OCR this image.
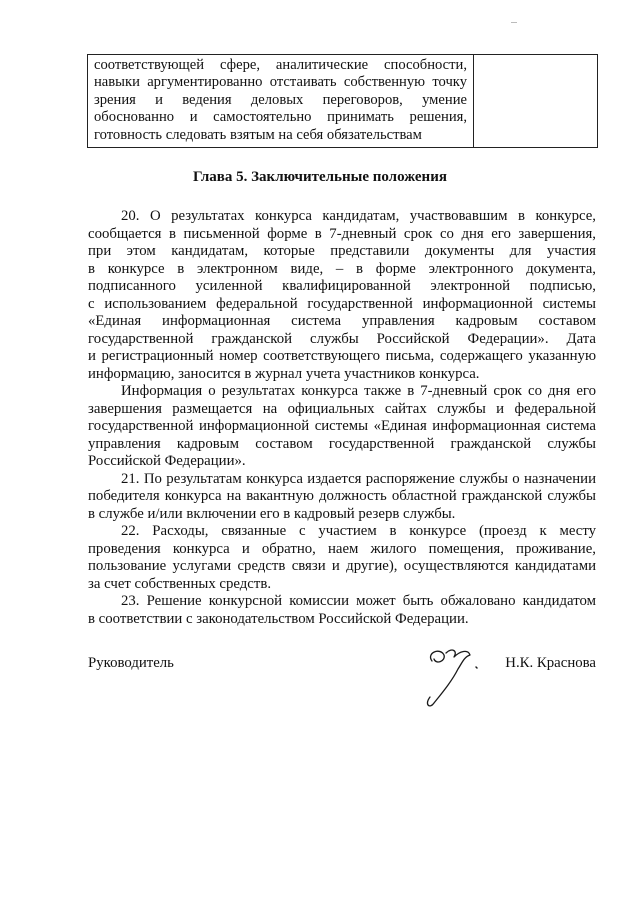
соответствующей сфере, аналитические способности,
навыки аргументированно отстаивать собственную точку
зрения и ведения деловых переговоров, умение
обоснованно и самостоятельно принимать решения,
готовность следовать взятым на себя обязательствам
Глава 5. Заключительные положения

20. О результатах конкурса кандидатам, участвовавшим в конкурсе,
сообщается в письменной форме в 7-дневный срок со дня его завершения,
при этом кандидатам, которые представили документы для участия
в конкурсе в электронном виде, – в форме электронного документа,
подписанного усиленной квалифицированной электронной подписью,
с использованием федеральной государственной информационной системы
«Единая информационная система управления кадровым составом
государственной гражданской службы Российской Федерации». Дата
и регистрационный номер соответствующего письма, содержащего указанную
информацию, заносится в журнал учета участников конкурса.

Информация о результатах конкурса также в 7-дневный срок со дня его
завершения размещается на официальных сайтах службы и федеральной
государственной информационной системы «Единая информационная система
управления кадровым составом государственной гражданской службы
Российской Федерации».

21. По результатам конкурса издается распоряжение службы о назначении
победителя конкурса на вакантную должность областной гражданской службы
в службе и/или включении его в кадровый резерв службы.

22. Расходы, связанные с участием в конкурсе (проезд к месту
проведения конкурса и обратно, наем жилого помещения, проживание,
пользование услугами средств связи и другие), осуществляются кандидатами
за счет собственных средств.

23. Решение конкурсной комиссии может быть обжаловано кандидатом
в соответствии с законодательством Российской Федерации.

Руководитель	Н.К. Краснова
